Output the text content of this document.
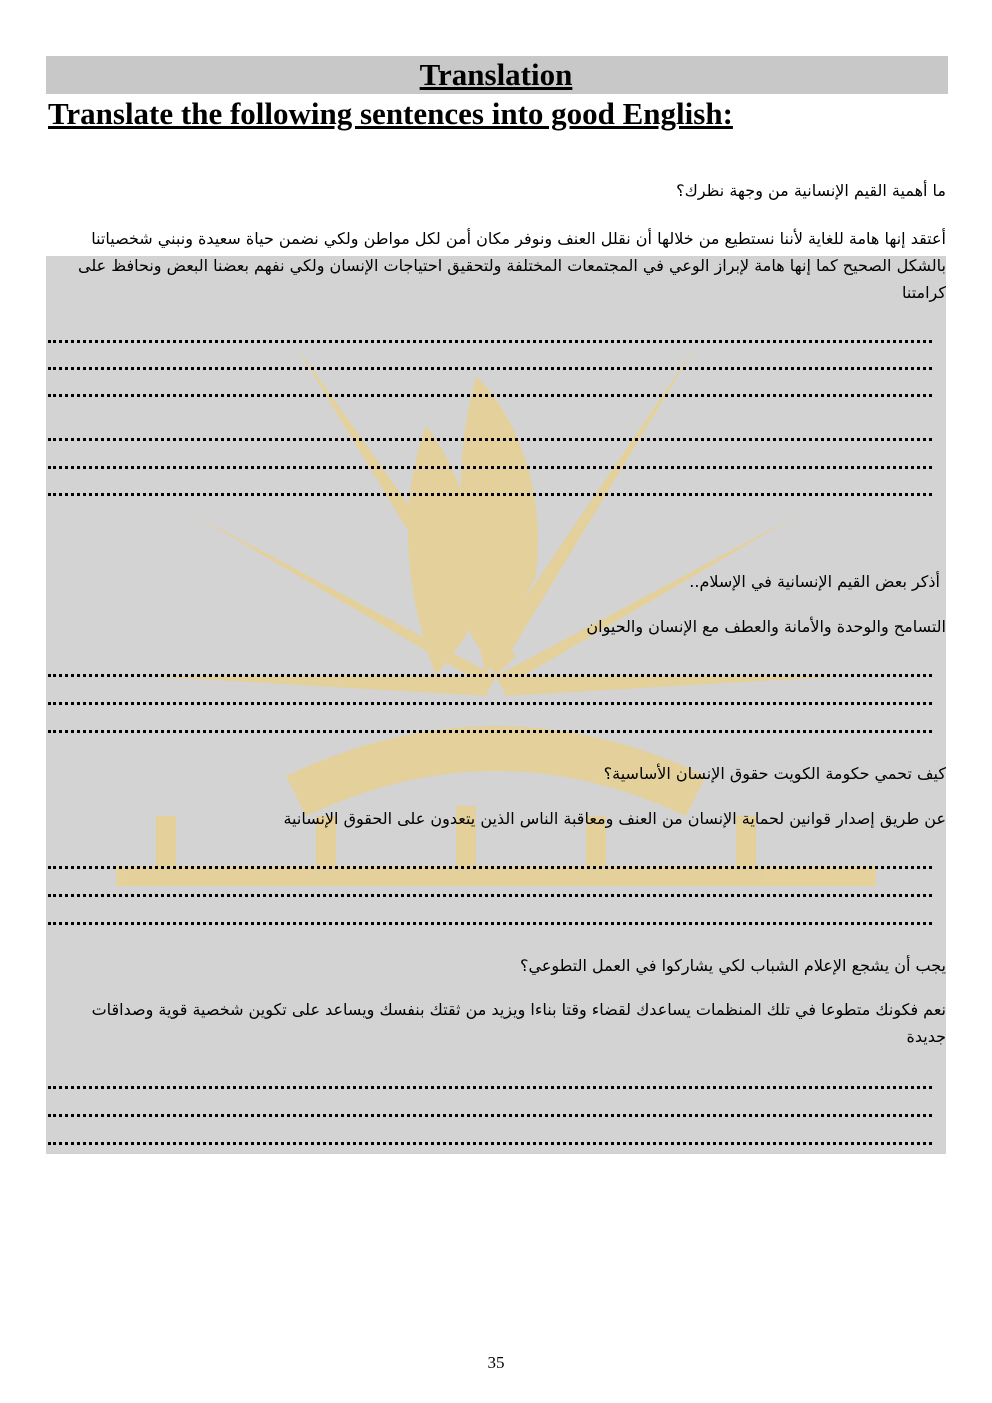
Translation
Translate the following sentences into good English:

ما أهمية القيم الإنسانية من وجهة نظرك؟

أعتقد إنها هامة للغاية لأننا نستطيع من خلالها أن نقلل العنف ونوفر مكان أمن لكل مواطن ولكي نضمن حياة سعيدة ونبني شخصياتنا بالشكل الصحيح كما إنها هامة لإبراز الوعي في المجتمعات المختلفة ولتحقيق احتياجات الإنسان ولكي نفهم بعضنا البعض ونحافظ على كرامتنا

أذكر بعض القيم الإنسانية في الإسلام..

التسامح والوحدة والأمانة والعطف مع الإنسان والحيوان

كيف تحمي حكومة الكويت حقوق الإنسان الأساسية؟

عن طريق إصدار قوانين لحماية الإنسان من العنف ومعاقبة الناس الذين يتعدون على الحقوق الإنسانية

يجب أن يشجع الإعلام الشباب لكي يشاركوا في العمل التطوعي؟

نعم فكونك متطوعا في تلك المنظمات يساعدك لقضاء وقتا بناءا ويزيد من ثقتك بنفسك ويساعد على تكوين شخصية قوية وصداقات جديدة

35
